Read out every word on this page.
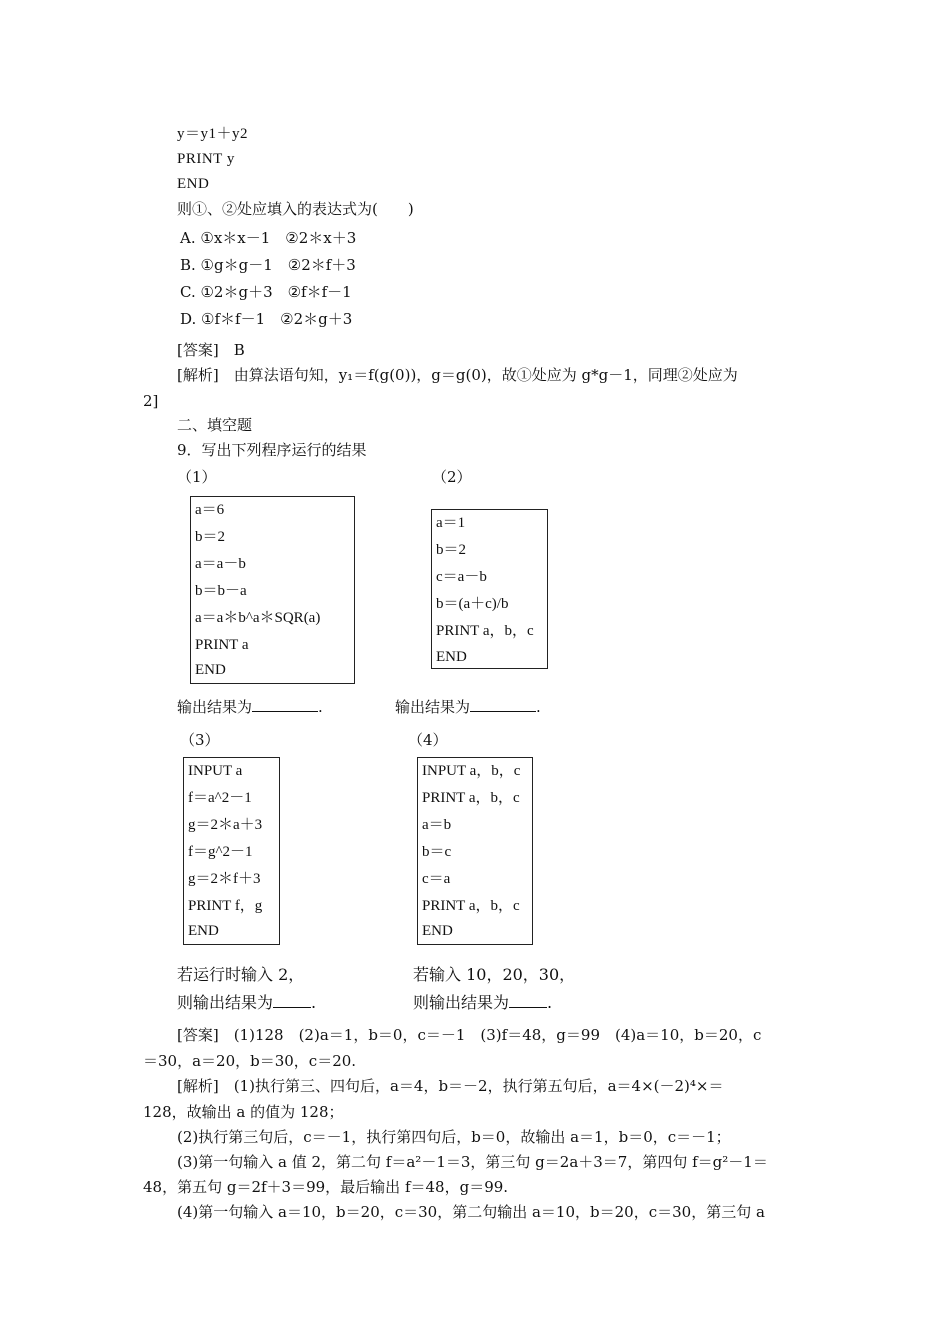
y＝y1＋y2
PRINT y
END
则①、②处应填入的表达式为(　　)
A. ①x＊x－1　②2＊x＋3
B. ①g＊g－1　②2＊f＋3
C. ①2＊g＋3　②f＊f－1
D. ①f＊f－1　②2＊g＋3
[答案]　B
[解析]　由算法语句知，y₁＝f(g(0))，g＝g(0)，故①处应为 g*g－1，同理②处应为
2]
二、填空题
9．写出下列程序运行的结果
（1）
a＝6
b＝2
a＝a－b
b＝b－a
a＝a＊b^a＊SQR(a)
PRINT a
END
输出结果为	.
（2）
a＝1
b＝2
c＝a－b
b＝(a＋c)/b
PRINT a，b，c
END
输出结果为	.
（3）
INPUT a
f＝a^2－1
g＝2＊a＋3
f＝g^2－1
g＝2＊f＋3
PRINT f，g
END
若运行时输入 2，
则输出结果为 .
（4）
INPUT a，b，c
PRINT a，b，c
a＝b
b＝c
c＝a
PRINT a，b，c
END
若输入 10，20，30，
则输出结果为 .
[答案]　(1)128　(2)a＝1，b＝0，c＝－1　(3)f＝48，g＝99　(4)a＝10，b＝20，c
＝30，a＝20，b＝30，c＝20.
[解析]　(1)执行第三、四句后，a＝4，b＝－2，执行第五句后，a＝4×(－2)⁴×＝
128，故输出 a 的值为 128；
(2)执行第三句后，c＝－1，执行第四句后，b＝0，故输出 a＝1，b＝0，c＝－1；
(3)第一句输入 a 值 2，第二句 f＝a²－1＝3，第三句 g＝2a＋3＝7，第四句 f＝g²－1＝
48，第五句 g＝2f＋3＝99，最后输出 f＝48，g＝99.
(4)第一句输入 a＝10，b＝20，c＝30，第二句输出 a＝10，b＝20，c＝30，第三句 a
